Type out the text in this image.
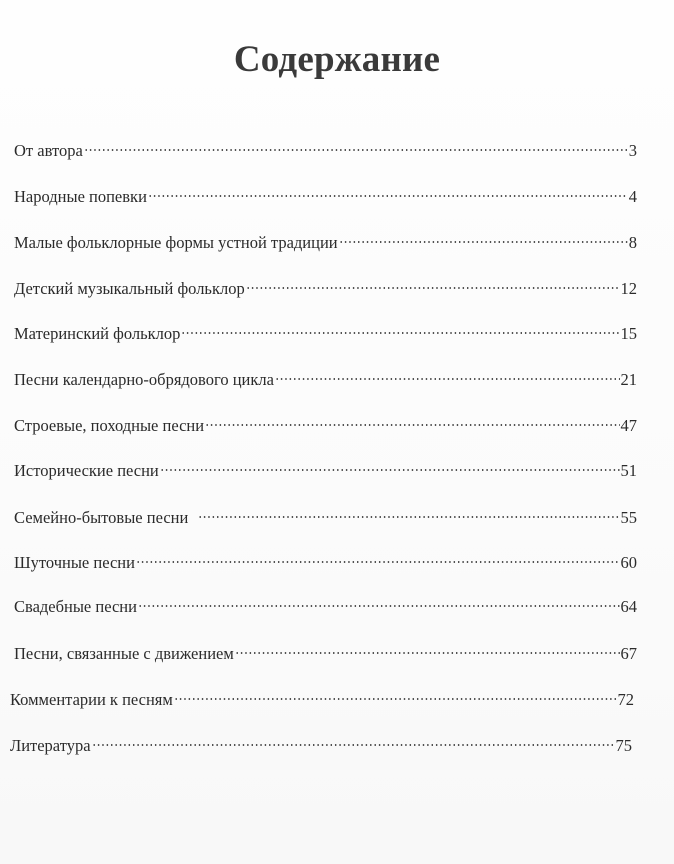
Содержание
От автора	3
Народные попевки	4
Малые фольклорные формы устной традиции	8
Детский музыкальный фольклор	12
Материнский фольклор	15
Песни календарно-обрядового цикла	21
Строевые, походные песни	47
Исторические песни	51
Семейно-бытовые песни	55
Шуточные песни	60
Свадебные песни	64
Песни, связанные с движением	67
Комментарии к песням	72
Литература	75
